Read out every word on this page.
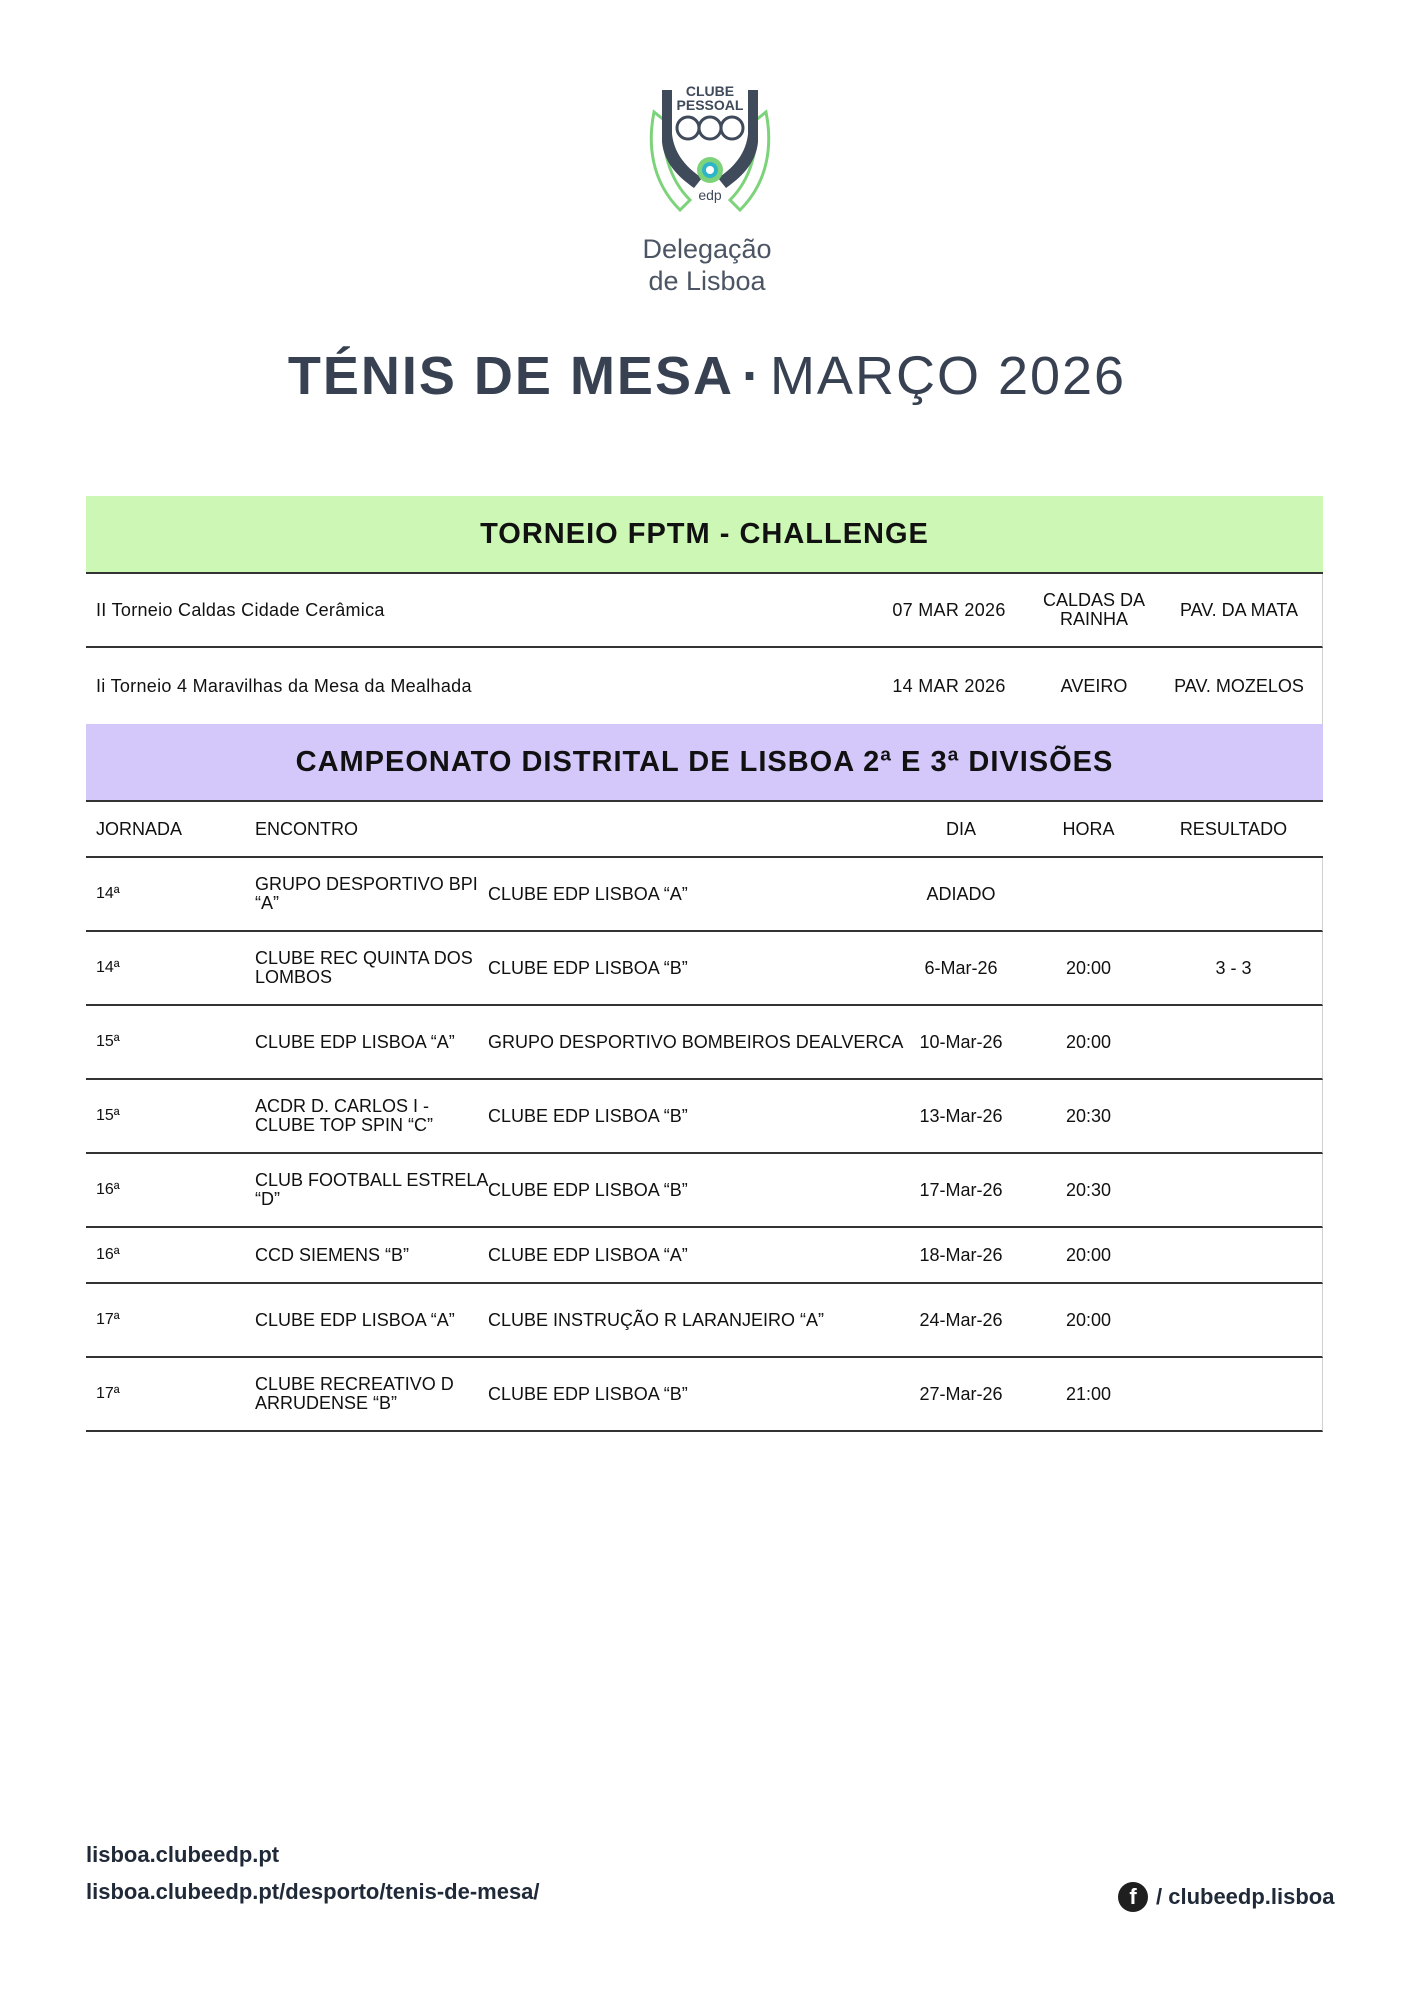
CLUBE
PESSOAL
edp
Delegação
de Lisboa
TÉNIS DE MESA · MARÇO 2026
TORNEIO FPTM - CHALLENGE
II Torneio Caldas Cidade Cerâmica	07 MAR 2026	CALDAS DA RAINHA	PAV. DA MATA
Ii Torneio 4 Maravilhas da Mesa da Mealhada	14 MAR 2026	AVEIRO	PAV. MOZELOS
CAMPEONATO DISTRITAL DE LISBOA 2ª E 3ª DIVISÕES
JORNADA	ENCONTRO	DIA	HORA	RESULTADO
14ª	GRUPO DESPORTIVO BPI “A”	CLUBE EDP LISBOA “A”	ADIADO
14ª	CLUBE REC QUINTA DOS LOMBOS	CLUBE EDP LISBOA “B”	6-Mar-26	20:00	3 - 3
15ª	CLUBE EDP LISBOA “A”	GRUPO DESPORTIVO BOMBEIROS DEALVERCA 10-Mar-26	20:00
15ª	ACDR D. CARLOS I - CLUBE TOP SPIN “C”	CLUBE EDP LISBOA “B”	13-Mar-26	20:30
16ª	CLUB FOOTBALL ESTRELA “D”	CLUBE EDP LISBOA “B”	17-Mar-26	20:30
16ª	CCD SIEMENS “B”	CLUBE EDP LISBOA “A”	18-Mar-26	20:00
17ª	CLUBE EDP LISBOA “A”	CLUBE INSTRUÇÃO R LARANJEIRO “A”	24-Mar-26	20:00
17ª	CLUBE RECREATIVO D ARRUDENSE “B”	CLUBE EDP LISBOA “B”	27-Mar-26	21:00
lisboa.clubeedp.pt
lisboa.clubeedp.pt/desporto/tenis-de-mesa/	f / clubeedp.lisboa
